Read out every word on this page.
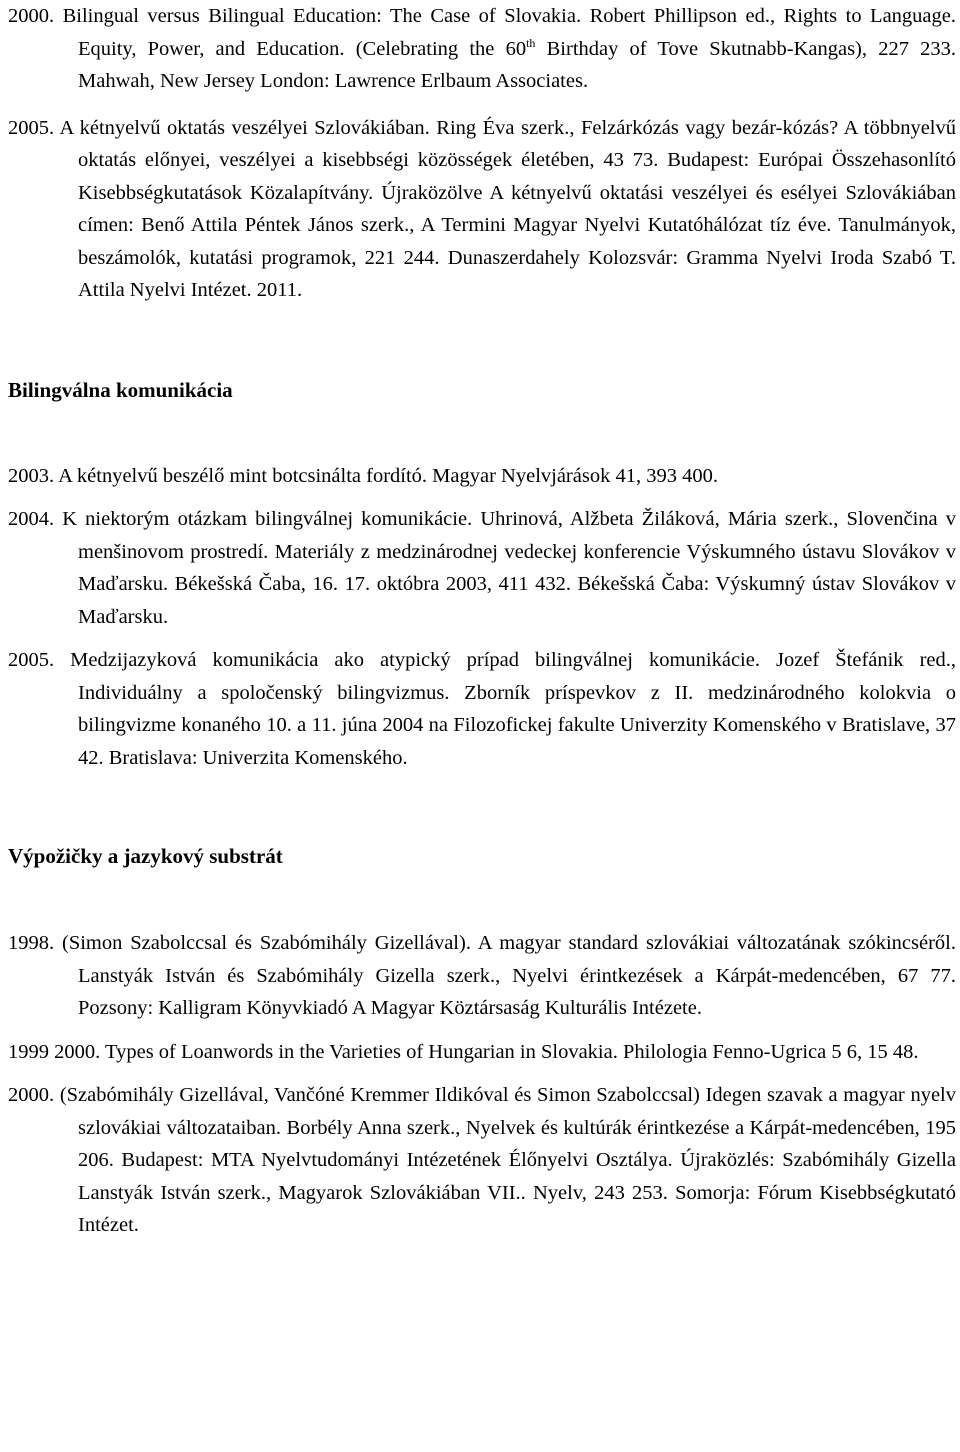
2000. Bilingual versus Bilingual Education: The Case of Slovakia. Robert Phillipson ed., Rights to Language. Equity, Power, and Education. (Celebrating the 60th Birthday of Tove Skutnabb-Kangas), 227 233. Mahwah, New Jersey London: Lawrence Erlbaum Associates.

2005. A kétnyelvű oktatás veszélyei Szlovákiában. Ring Éva szerk., Felzárkózás vagy bezár-kózás? A többnyelvű oktatás előnyei, veszélyei a kisebbségi közösségek életében, 43 73. Budapest: Európai Összehasonlító Kisebbségkutatások Közalapítvány. Újraközölve A kétnyelvű oktatási veszélyei és esélyei Szlovákiában címen: Benő Attila Péntek János szerk., A Termini Magyar Nyelvi Kutatóhálózat tíz éve. Tanulmányok, beszámolók, kutatási programok, 221 244. Dunaszerdahely Kolozsvár: Gramma Nyelvi Iroda Szabó T. Attila Nyelvi Intézet. 2011.

Bilingválna komunikácia

2003. A kétnyelvű beszélő mint botcsinálta fordító. Magyar Nyelvjárások 41, 393 400.

2004. K niektorým otázkam bilingválnej komunikácie. Uhrinová, Alžbeta Žiláková, Mária szerk., Slovenčina v menšinovom prostredí. Materiály z medzinárodnej vedeckej konferencie Výskumného ústavu Slovákov v Maďarsku. Békešská Čaba, 16. 17. októbra 2003, 411 432. Békešská Čaba: Výskumný ústav Slovákov v Maďarsku.

2005. Medzijazyková komunikácia ako atypický prípad bilingválnej komunikácie. Jozef Štefánik red., Individuálny a spoločenský bilingvizmus. Zborník príspevkov z II. medzinárodného kolokvia o bilingvizme konaného 10. a 11. júna 2004 na Filozofickej fakulte Univerzity Komenského v Bratislave, 37 42. Bratislava: Univerzita Komenského.

Výpožičky a jazykový substrát

1998. (Simon Szabolccsal és Szabómihály Gizellával). A magyar standard szlovákiai változatának szókincséről. Lanstyák István és Szabómihály Gizella szerk., Nyelvi érintkezések a Kárpát-medencében, 67 77. Pozsony: Kalligram Könyvkiadó A Magyar Köztársaság Kulturális Intézete.

1999 2000. Types of Loanwords in the Varieties of Hungarian in Slovakia. Philologia Fenno-Ugrica 5 6, 15 48.

2000. (Szabómihály Gizellával, Vančóné Kremmer Ildikóval és Simon Szabolccsal) Idegen szavak a magyar nyelv szlovákiai változataiban. Borbély Anna szerk., Nyelvek és kultúrák érintkezése a Kárpát-medencében, 195 206. Budapest: MTA Nyelvtudományi Intézetének Élőnyelvi Osztálya. Újraközlés: Szabómihály Gizella Lanstyák István szerk., Magyarok Szlovákiában VII.. Nyelv, 243 253. Somorja: Fórum Kisebbségkutató Intézet.
